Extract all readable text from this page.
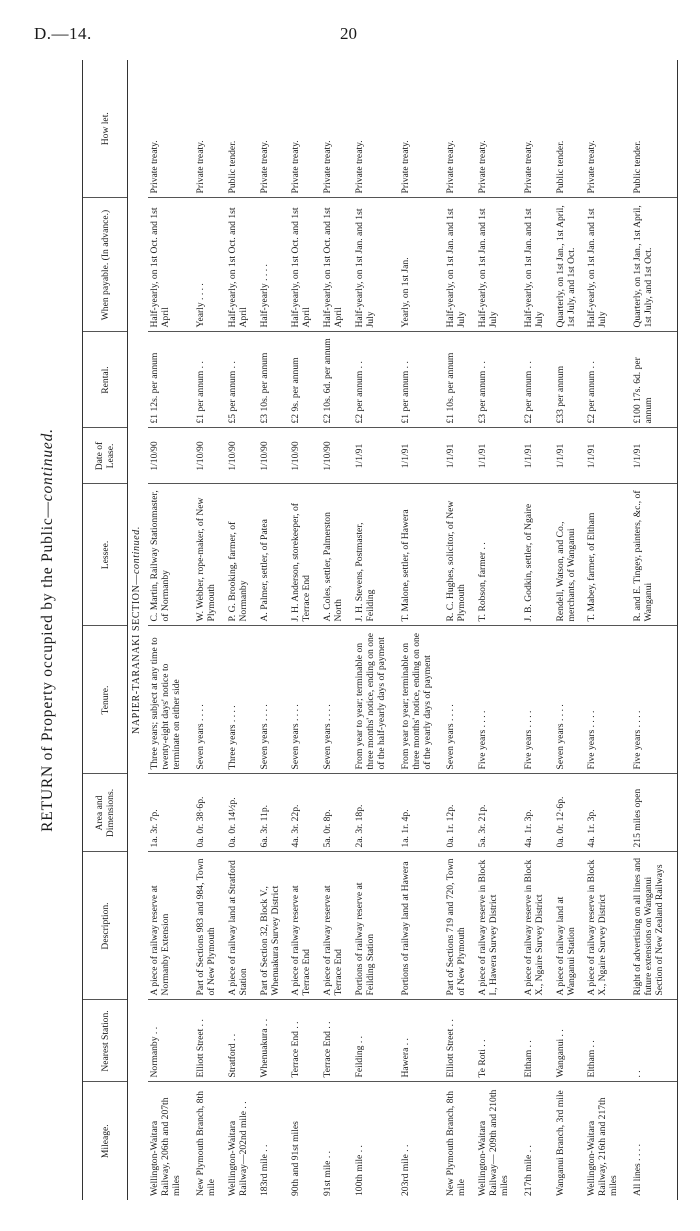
D.—14.	20
RETURN of Property occupied by the Public—continued.
Mileage.	Nearest Station.	Description.	Area and Dimensions.	Tenure.	Lessee.	Date of Lease.	Rental.	When payable. (In advance.)	How let.
NAPIER-TARANAKI SECTION—continued.									
Wellington-Waitara Railway, 206th and 207th miles	Normanby . .	A piece of railway reserve at Normanby Extension	1a. 3r. 7p.	Three years; subject at any time to twenty-eight days' notice to terminate on either side	C. Martin, Railway Stationmaster, of Normanby	1/10/90	£1 12s. per annum	Half-yearly, on 1st Oct. and 1st April	Private treaty.
New Plymouth Branch, 8th mile	Elliott Street . .	Part of Sections 983 and 984, Town of New Plymouth	0a. 0r. 38·6p.	Seven years . . . .	W. Webber, rope-maker, of New Plymouth	1/10/90	£1 per annum . .	Yearly . . . .	Private treaty.
Wellington-Waitara Railway—202nd mile . .	Stratford . .	A piece of railway land at Stratford Station	0a. 0r. 14½p.	Three years . . . .	P. G. Brooking, farmer, of Normanby	1/10/90	£5 per annum . .	Half-yearly, on 1st Oct. and 1st April	Public tender.
183rd mile . .	Whenuakura . .	Part of Section 32, Block V., Whenuakura Survey District	6a. 3r. 11p.	Seven years . . . .	A. Palmer, settler, of Patea	1/10/90	£3 10s. per annum	Half-yearly . . . .	Private treaty.
90th and 91st miles	Terrace End . .	A piece of railway reserve at Terrace End	4a. 3r. 22p.	Seven years . . . .	J. H. Anderson, storekeeper, of Terrace End	1/10/90	£2 9s. per annum	Half-yearly, on 1st Oct. and 1st April	Private treaty.
91st mile . .	Terrace End . .	A piece of railway reserve at Terrace End	5a. 0r. 8p.	Seven years . . . .	A. Coles, settler, Palmerston North	1/10/90	£2 10s. 6d. per annum	Half-yearly, on 1st Oct. and 1st April	Private treaty.
100th mile . .	Feilding . .	Portions of railway reserve at Feilding Station	2a. 3r. 18p.	From year to year; terminable on three months' notice, ending on one of the half-yearly days of payment	J. H. Stevens, Postmaster, Feilding	1/1/91	£2 per annum . .	Half-yearly, on 1st Jan. and 1st July	Private treaty.
203rd mile . .	Hawera . .	Portions of railway land at Hawera	1a. 1r. 4p.	From year to year; terminable on three months' notice, ending on one of the yearly days of payment	T. Malone, settler, of Hawera	1/1/91	£1 per annum . .	Yearly, on 1st Jan.	Private treaty.
New Plymouth Branch, 8th mile	Elliott Street . .	Part of Sections 719 and 720, Town of New Plymouth	0a. 1r. 12p.	Seven years . . . .	R. C. Hughes, solicitor, of New Plymouth	1/1/91	£1 10s. per annum	Half-yearly, on 1st Jan. and 1st July	Private treaty.
Wellington-Waitara Railway— 209th and 210th miles	Te Roti . .	A piece of railway reserve in Block I., Hawera Survey District	5a. 3r. 21p.	Five years . . . .	T. Robson, farmer . .	1/1/91	£3 per annum . .	Half-yearly, on 1st Jan. and 1st July	Private treaty.
217th mile . .	Eltham . .	A piece of railway reserve in Block X., Ngaire Survey District	4a. 1r. 3p.	Five years . . . .	J. B. Godkin, settler, of Ngaire	1/1/91	£2 per annum . .	Half-yearly, on 1st Jan. and 1st July	Private treaty.
Wanganui Branch, 3rd mile	Wanganui . .	A piece of railway land at Wanganui Station	0a. 0r. 12·6p.	Seven years . . . .	Rendell, Watson, and Co., merchants, of Wanganui	1/1/91	£33 per annum	Quarterly, on 1st Jan., 1st April, 1st July, and 1st Oct.	Public tender.
Wellington-Waitara Railway, 216th and 217th miles	Eltham . .	A piece of railway reserve in Block X., Ngaire Survey District	4a. 1r. 3p.	Five years . . . .	T. Mabey, farmer, of Eltham	1/1/91	£2 per annum . .	Half-yearly, on 1st Jan. and 1st July	Private treaty.
All lines . . . .	. .	Right of advertising on all lines and future extensions on Wanganui Section of New Zealand Railways	215 miles open	Five years . . . .	R. and E. Tingey, painters, &c., of Wanganui	1/1/91	£100 17s. 6d. per annum	Quarterly, on 1st Jan., 1st April, 1st July, and 1st Oct.	Public tender.
